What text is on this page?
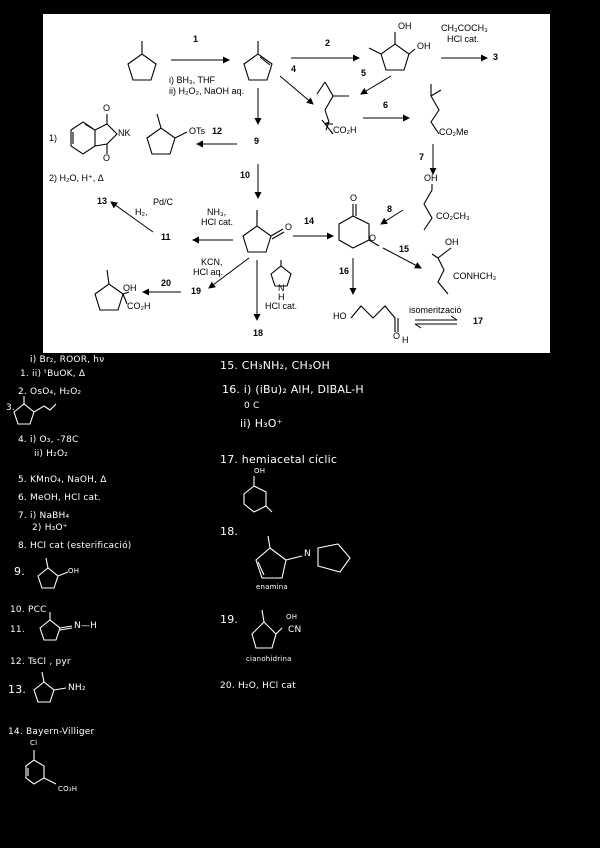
OH
OH
CH₃COCH₃
HCl cat.
CO₂H	CO₂Me
OH
CO₂CH₃
OTs
OH
CONHCH₃
OH
CO₂H
O
O
O
HO
O H
N
H
i) BH₃, THF
ii) H₂O₂, NaOH aq.
1)	NK
O
O
2) H₂O, H⁺, Δ
Pd/C
H₂,	NH₃,
HCl cat.
KCN,
HCl aq.
HCl cat.	isomerització
1	2
3
4	5
6
7
8
9
10
11
12
13
14
15
16
17
18
19
20
i) Br₂, ROOR, hν
1. ii) ᵗBuOK, Δ
2. OsO₄, H₂O₂
3.
4. i) O₃, -78C
ii) H₂O₂
5. KMnO₄, NaOH, Δ
6. MeOH, HCl cat.
7. i) NaBH₄
2) H₃O⁺
8. HCl cat (esterificació)
9.	OH
10. PCC
11.	N—H
12. TsCl , pyr
13.	NH₂
14. Bayern-Villiger
Cl
CO₃H
15. CH₃NH₂, CH₃OH
16. i) (iBu)₂ AlH, DIBAL-H
0 C
ii) H₃O⁺
17. hemiacetal cíclic
OH
18.
N
enamina
19.	OH
CN
cianohidrina
20. H₂O, HCl cat
